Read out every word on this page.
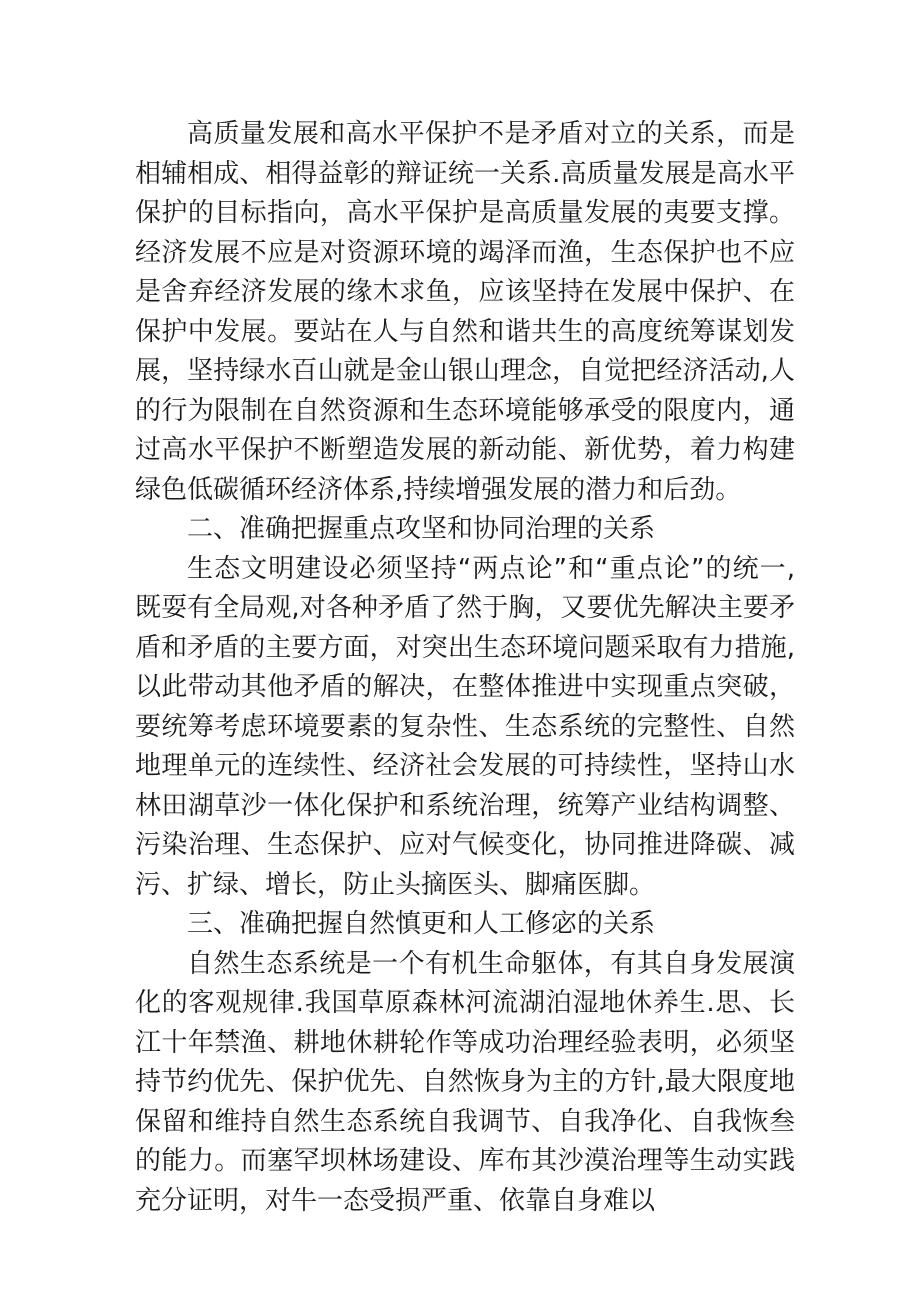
高质量发展和高水平保护不是矛盾对立的关系，而是相辅相成、相得益彰的辩证统一关系.高质量发展是高水平保护的目标指向，高水平保护是高质量发展的夷要支撑。经济发展不应是对资源环境的竭泽而渔，生态保护也不应是舍弃经济发展的缘木求鱼，应该坚持在发展中保护、在保护中发展。要站在人与自然和谐共生的高度统筹谋划发展，坚持绿水百山就是金山银山理念，自觉把经济活动,人的行为限制在自然资源和生态环境能够承受的限度内，通过高水平保护不断塑造发展的新动能、新优势，着力构建绿色低碳循环经济体系,持续增强发展的潜力和后劲。

二、准确把握重点攻坚和协同治理的关系

生态文明建设必须坚持“两点论”和“重点论”的统一,既耍有全局观,对各种矛盾了然于胸，又要优先解决主要矛盾和矛盾的主要方面，对突出生态环境问题采取有力措施,以此带动其他矛盾的解决，在整体推进中实现重点突破，要统筹考虑环境要素的复杂性、生态系统的完整性、自然地理单元的连续性、经济社会发展的可持续性，坚持山水林田湖草沙一体化保护和系统治理，统筹产业结构调整、污染治理、生态保护、应对气候变化，协同推进降碳、减污、扩绿、增长，防止头摘医头、脚痛医脚。

三、准确把握自然慎更和人工修宓的关系

自然生态系统是一个有机生命躯体，有其自身发展演化的客观规律.我国草原森林河流湖泊湿地休养生.思、长江十年禁渔、耕地休耕轮作等成功治理经验表明，必须坚持节约优先、保护优先、自然恢身为主的方针,最大限度地保留和维持自然生态系统自我调节、自我净化、自我恢叁的能力。而塞罕坝林场建设、库布其沙漠治理等生动实践充分证明，对牛一态受损严重、依靠自身难以
